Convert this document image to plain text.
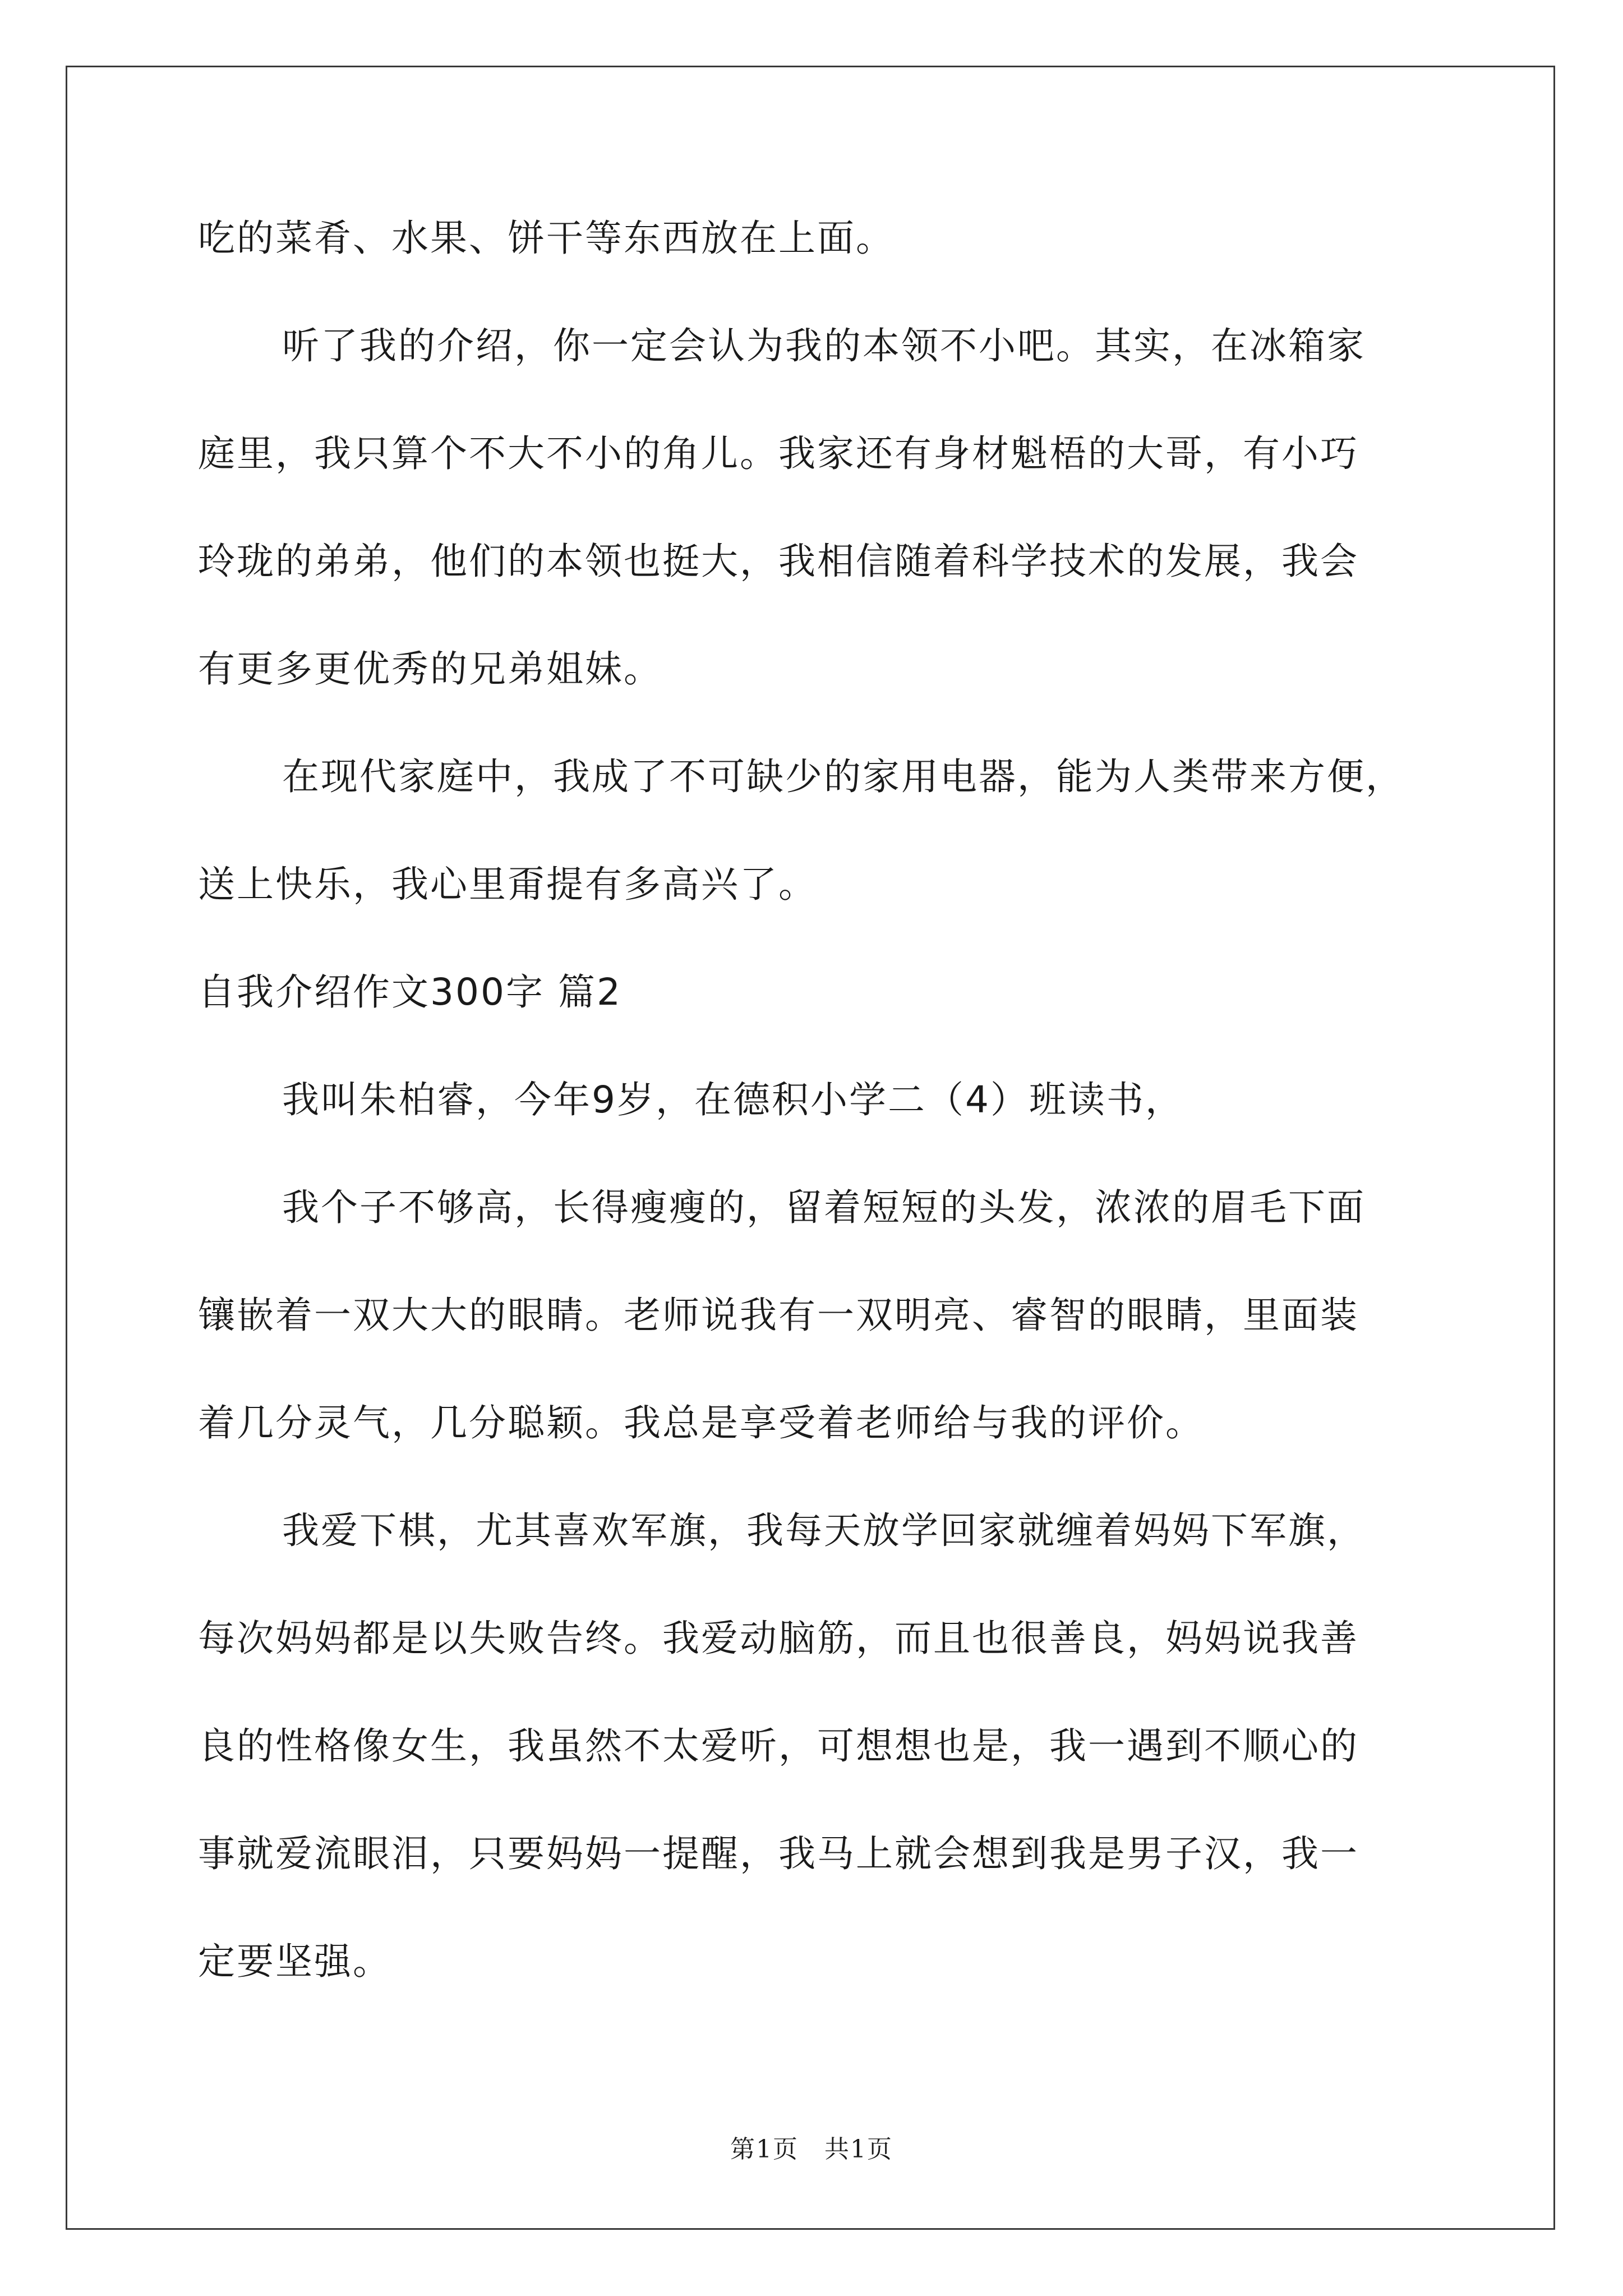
吃的菜肴、水果、饼干等东西放在上面。
听了我的介绍，你一定会认为我的本领不小吧。其实，在冰箱家
庭里，我只算个不大不小的角儿。我家还有身材魁梧的大哥，有小巧
玲珑的弟弟，他们的本领也挺大，我相信随着科学技术的发展，我会
有更多更优秀的兄弟姐妹。
在现代家庭中，我成了不可缺少的家用电器，能为人类带来方便，
送上快乐，我心里甭提有多高兴了。
自我介绍作文300字 篇2
我叫朱柏睿，今年9岁，在德积小学二（4）班读书，
我个子不够高，长得瘦瘦的，留着短短的头发，浓浓的眉毛下面
镶嵌着一双大大的眼睛。老师说我有一双明亮、睿智的眼睛，里面装
着几分灵气，几分聪颖。我总是享受着老师给与我的评价。
我爱下棋，尤其喜欢军旗，我每天放学回家就缠着妈妈下军旗，
每次妈妈都是以失败告终。我爱动脑筋，而且也很善良，妈妈说我善
良的性格像女生，我虽然不太爱听，可想想也是，我一遇到不顺心的
事就爱流眼泪，只要妈妈一提醒，我马上就会想到我是男子汉，我一
定要坚强。
第1页　共1页
